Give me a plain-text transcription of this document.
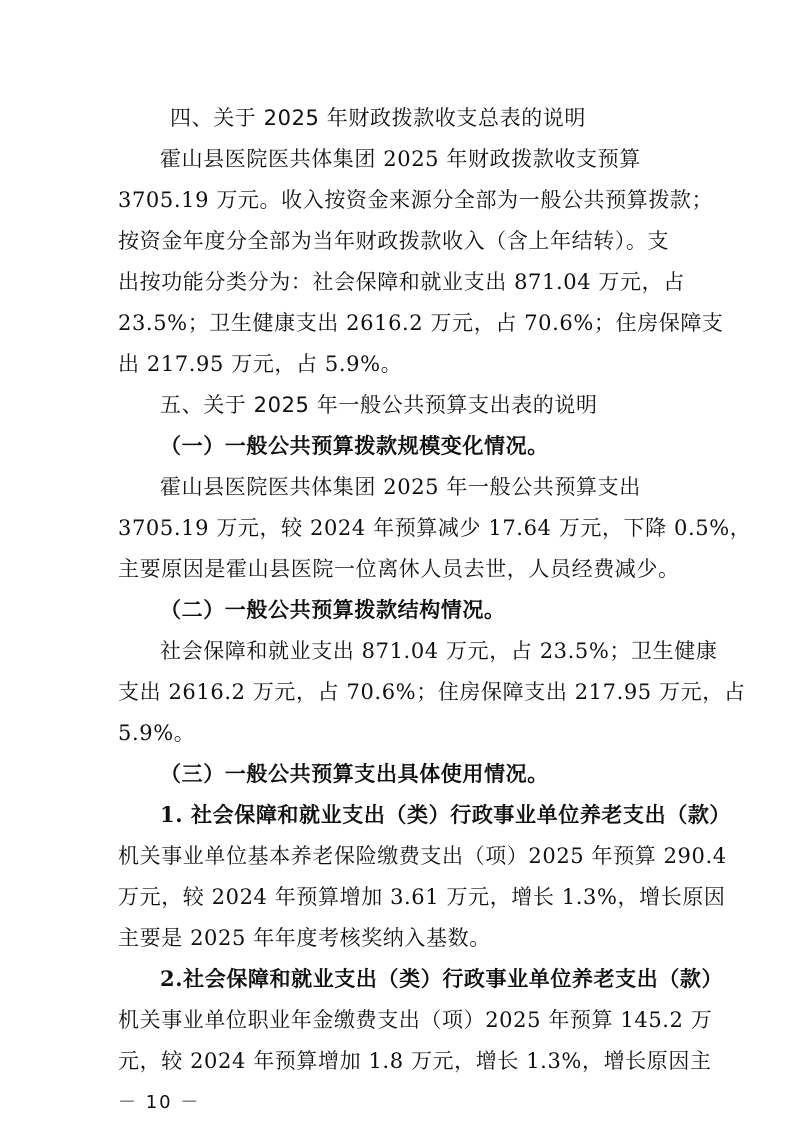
四、关于 2025 年财政拨款收支总表的说明
霍山县医院医共体集团 2025 年财政拨款收支预算
3705.19 万元。收入按资金来源分全部为一般公共预算拨款；
按资金年度分全部为当年财政拨款收入（含上年结转）。支
出按功能分类分为：社会保障和就业支出 871.04 万元，占
23.5%；卫生健康支出 2616.2 万元，占 70.6%；住房保障支
出 217.95 万元，占 5.9%。
五、关于 2025 年一般公共预算支出表的说明
（一）一般公共预算拨款规模变化情况。
霍山县医院医共体集团 2025 年一般公共预算支出
3705.19 万元，较 2024 年预算减少 17.64 万元，下降 0.5%，
主要原因是霍山县医院一位离休人员去世，人员经费减少。
（二）一般公共预算拨款结构情况。
社会保障和就业支出 871.04 万元，占 23.5%；卫生健康
支出 2616.2 万元，占 70.6%；住房保障支出 217.95 万元，占
5.9%。
（三）一般公共预算支出具体使用情况。
1. 社会保障和就业支出（类）行政事业单位养老支出（款）
机关事业单位基本养老保险缴费支出（项）2025 年预算 290.4
万元，较 2024 年预算增加 3.61 万元，增长 1.3%，增长原因
主要是 2025 年年度考核奖纳入基数。
2.社会保障和就业支出（类）行政事业单位养老支出（款）
机关事业单位职业年金缴费支出（项）2025 年预算 145.2 万
元，较 2024 年预算增加 1.8 万元，增长 1.3%，增长原因主
－ 10 －
